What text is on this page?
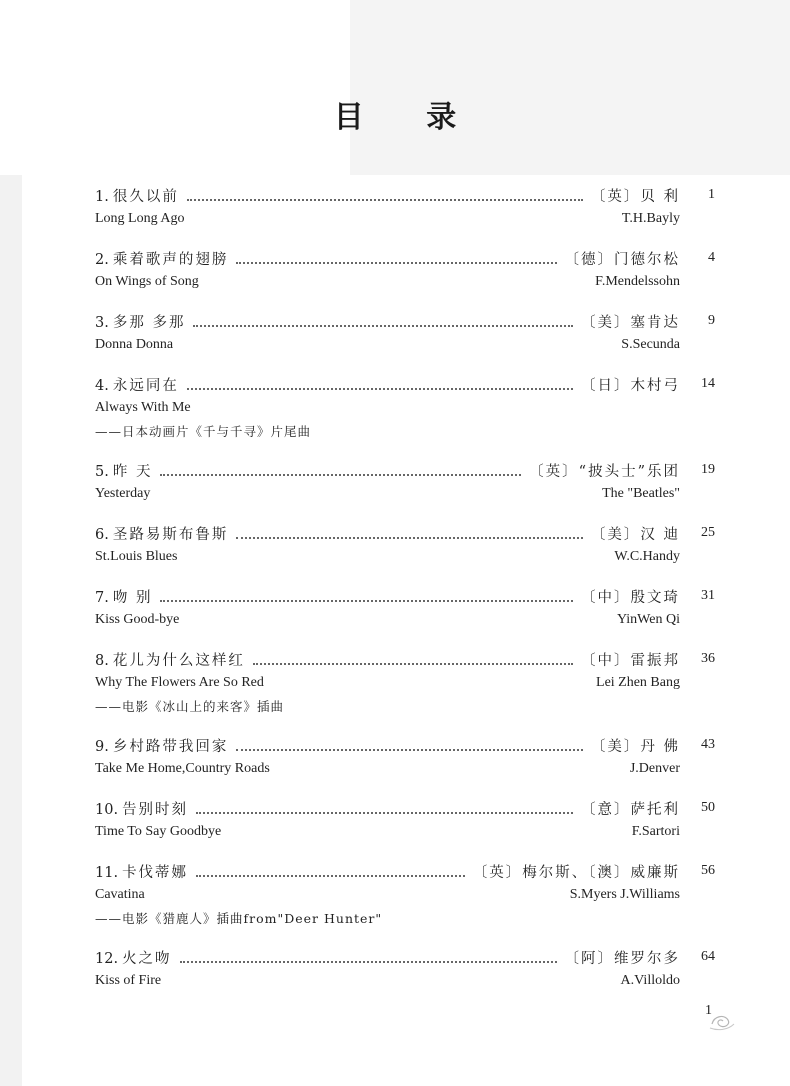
目 录
1. 很久以前	〔英〕贝 利	1
Long Long Ago	T.H.Bayly
2. 乘着歌声的翅膀	〔德〕门德尔松	4
On Wings of Song	F.Mendelssohn
3. 多那 多那	〔美〕塞肯达	9
Donna Donna	S.Secunda
4. 永远同在	〔日〕木村弓	14
Always With Me
——日本动画片《千与千寻》片尾曲
5. 昨 天	〔英〕“披头士”乐团	19
Yesterday	The "Beatles"
6. 圣路易斯布鲁斯	〔美〕汉 迪	25
St.Louis Blues	W.C.Handy
7. 吻 别	〔中〕殷文琦	31
Kiss Good-bye	YinWen Qi
8. 花儿为什么这样红	〔中〕雷振邦	36
Why The Flowers Are So Red	Lei Zhen Bang
——电影《冰山上的来客》插曲
9. 乡村路带我回家	〔美〕丹 佛	43
Take Me Home,Country Roads	J.Denver
10. 告别时刻	〔意〕萨托利	50
Time To Say Goodbye	F.Sartori
11. 卡伐蒂娜	〔英〕梅尔斯、〔澳〕威廉斯	56
Cavatina	S.Myers J.Williams
——电影《猎鹿人》插曲from"Deer Hunter"
12. 火之吻	〔阿〕维罗尔多	64
Kiss of Fire	A.Villoldo
1
